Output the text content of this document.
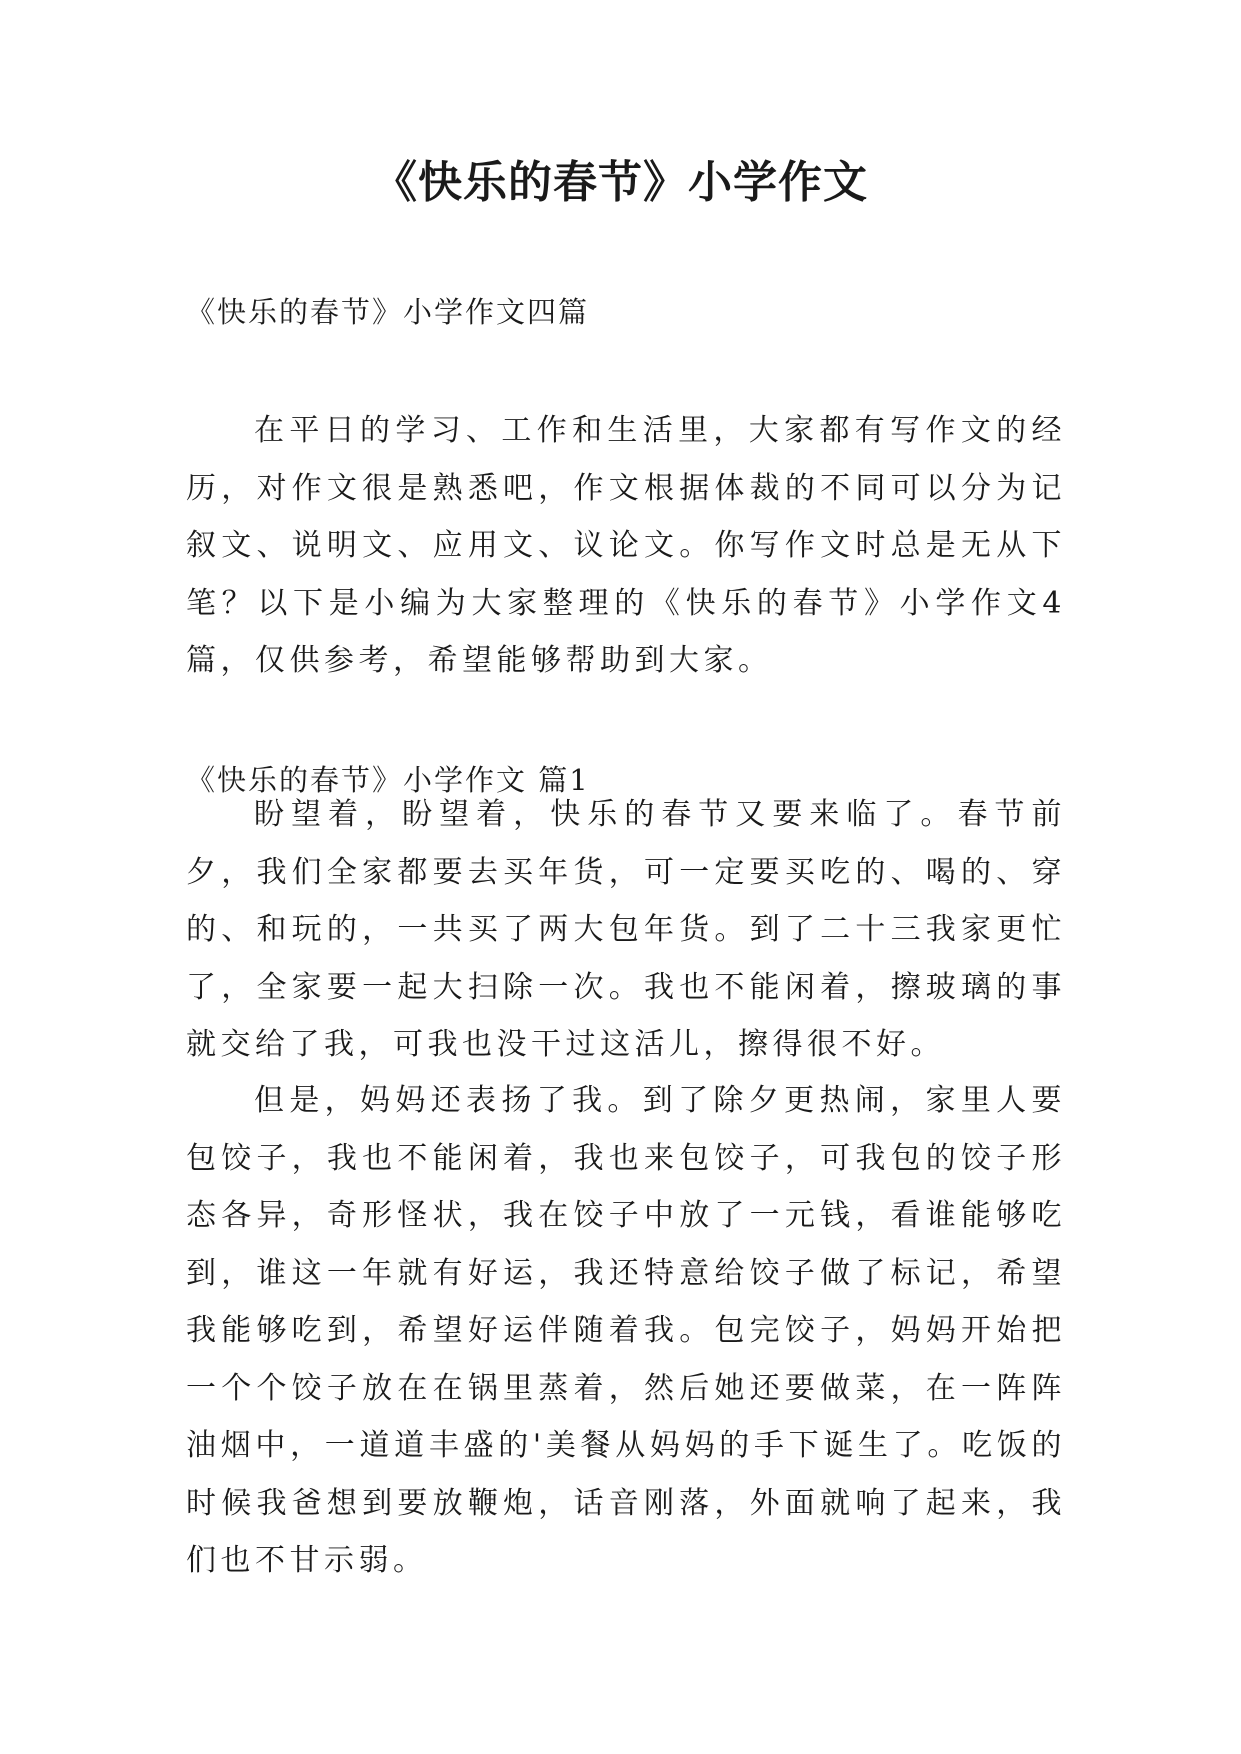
《快乐的春节》小学作文
《快乐的春节》小学作文四篇

在平日的学习、工作和生活里，大家都有写作文的经历，对作文很是熟悉吧，作文根据体裁的不同可以分为记叙文、说明文、应用文、议论文。你写作文时总是无从下笔？以下是小编为大家整理的《快乐的春节》小学作文4篇，仅供参考，希望能够帮助到大家。

《快乐的春节》小学作文 篇1

盼望着，盼望着，快乐的春节又要来临了。春节前夕，我们全家都要去买年货，可一定要买吃的、喝的、穿的、和玩的，一共买了两大包年货。到了二十三我家更忙了，全家要一起大扫除一次。我也不能闲着，擦玻璃的事就交给了我，可我也没干过这活儿，擦得很不好。

但是，妈妈还表扬了我。到了除夕更热闹，家里人要包饺子，我也不能闲着，我也来包饺子，可我包的饺子形态各异，奇形怪状，我在饺子中放了一元钱，看谁能够吃到，谁这一年就有好运，我还特意给饺子做了标记，希望我能够吃到，希望好运伴随着我。包完饺子，妈妈开始把一个个饺子放在在锅里蒸着，然后她还要做菜，在一阵阵油烟中，一道道丰盛的'美餐从妈妈的手下诞生了。吃饭的时候我爸想到要放鞭炮，话音刚落，外面就响了起来，我们也不甘示弱。
